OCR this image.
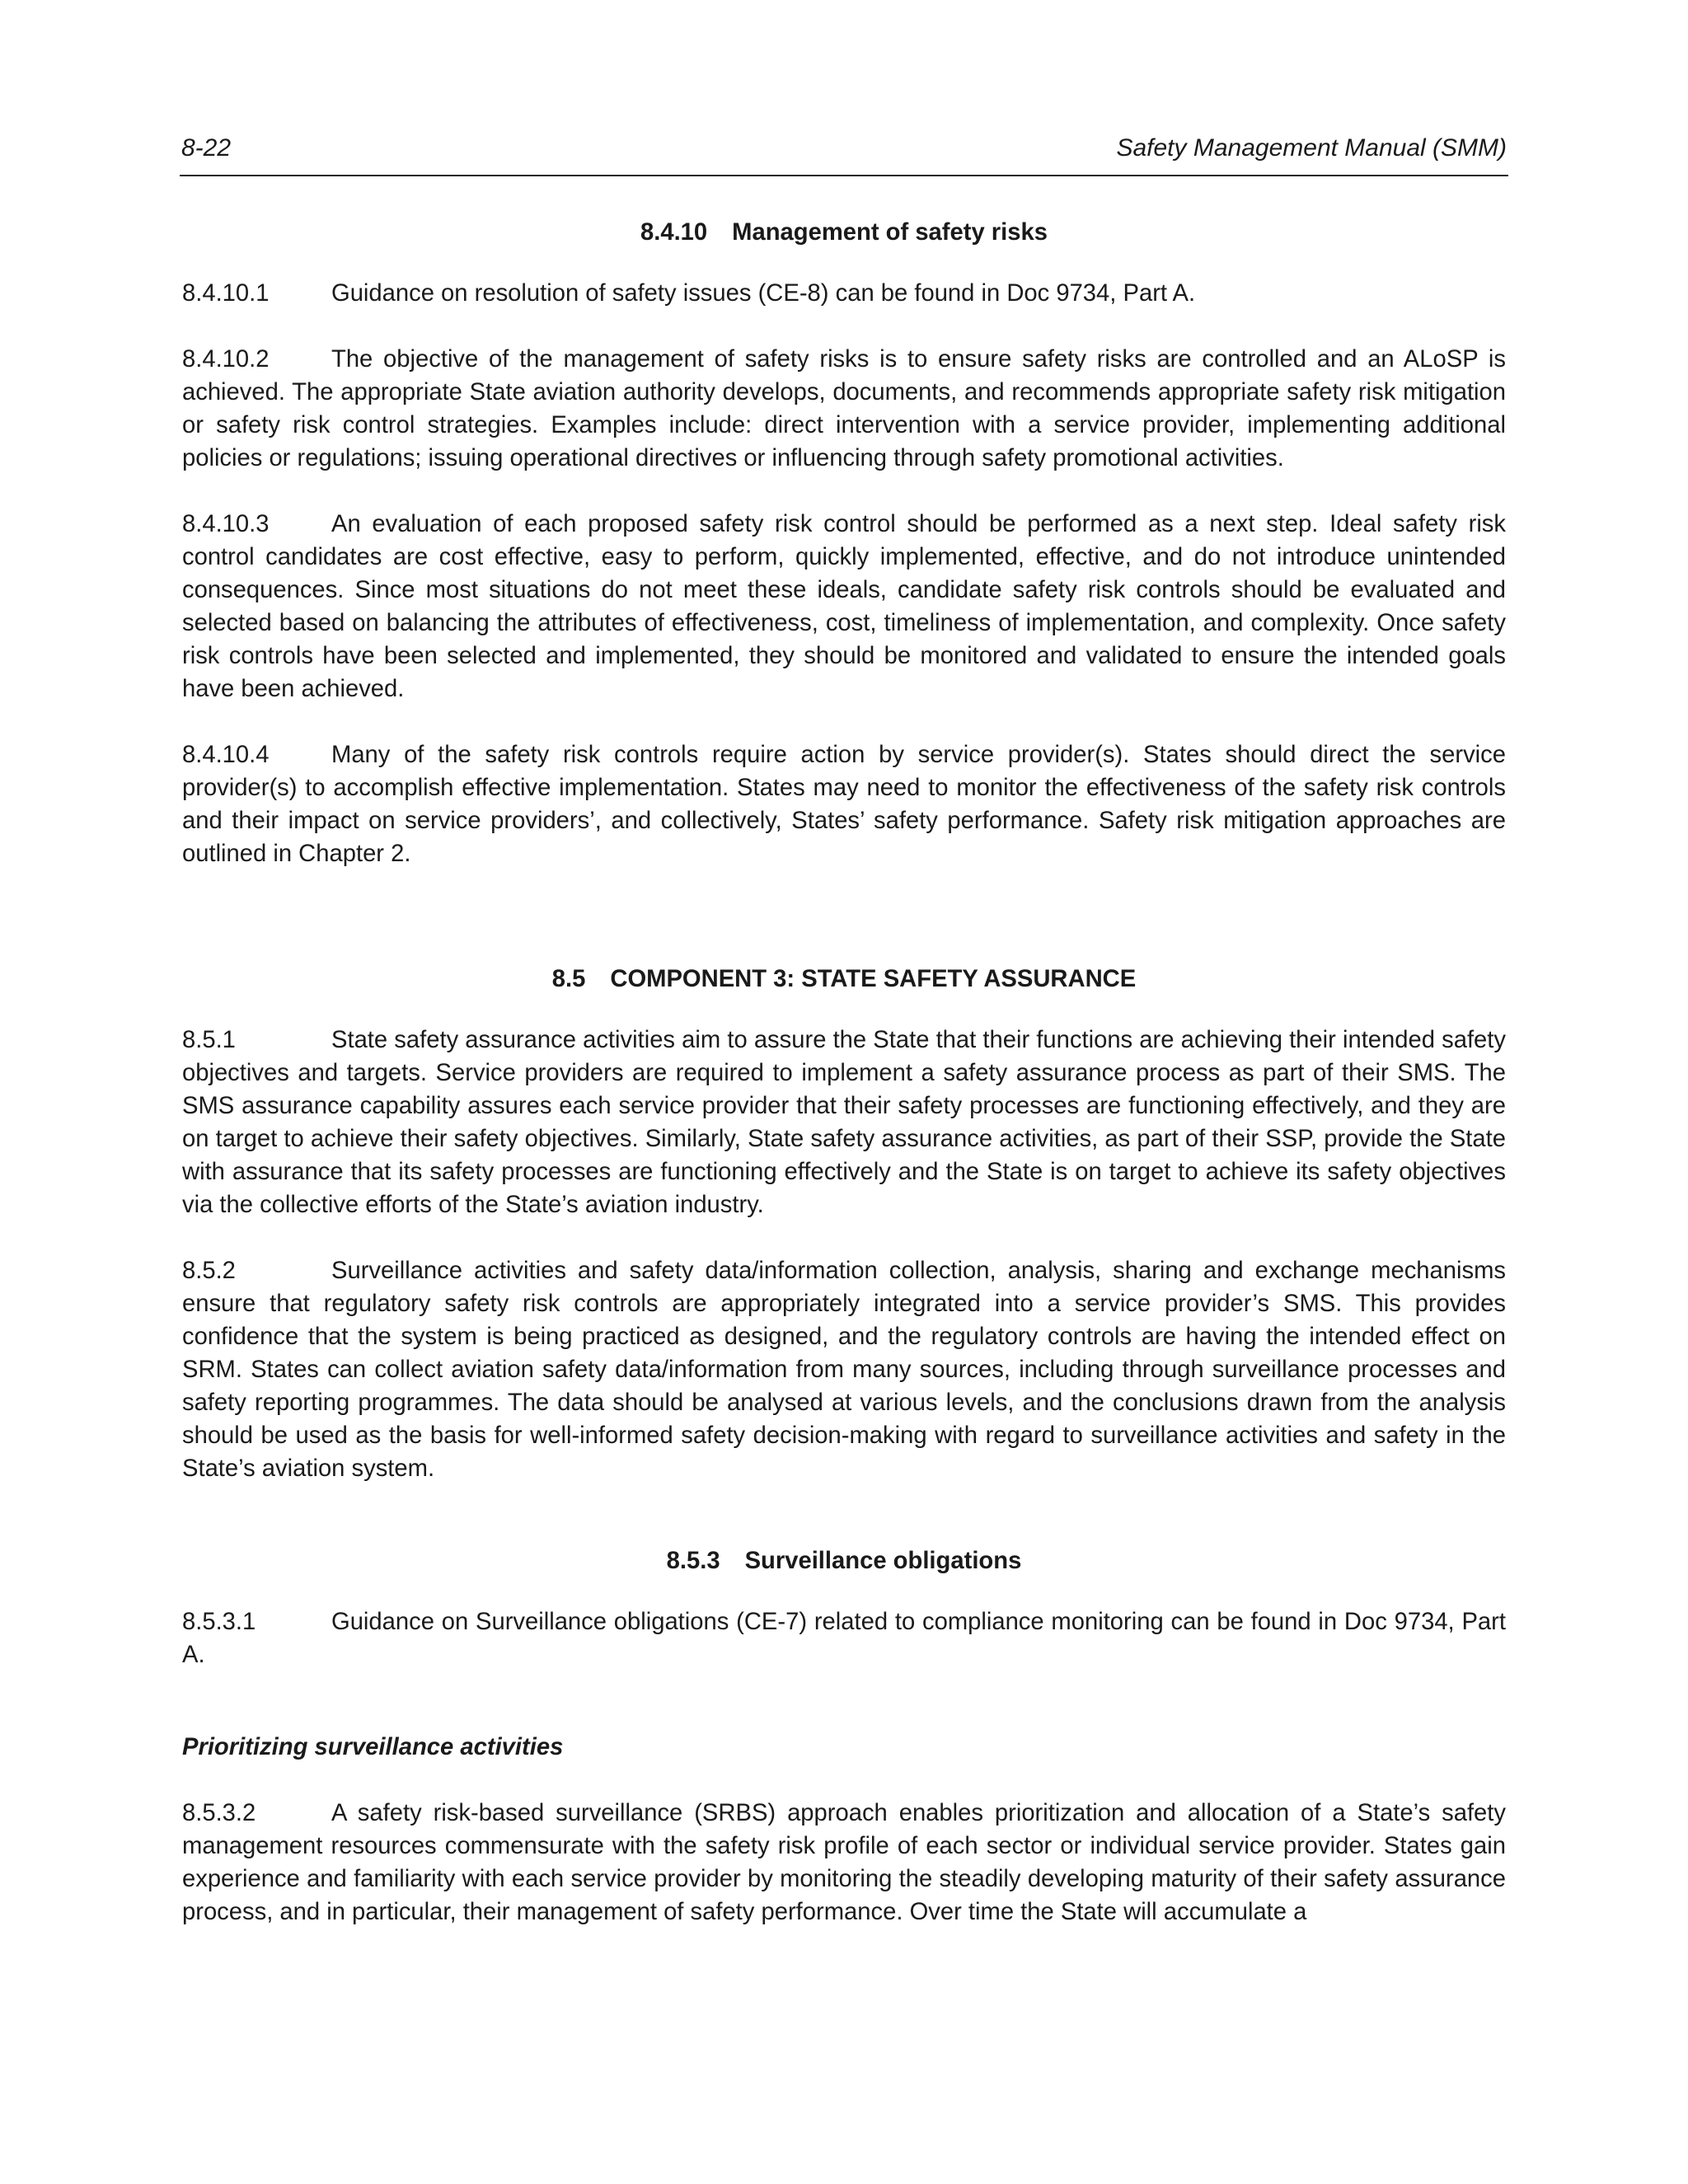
8-22	Safety Management Manual (SMM)

8.4.10 Management of safety risks

8.4.10.1	Guidance on resolution of safety issues (CE-8) can be found in Doc 9734, Part A.

8.4.10.2	The objective of the management of safety risks is to ensure safety risks are controlled and an ALoSP is achieved. The appropriate State aviation authority develops, documents, and recommends appropriate safety risk mitigation or safety risk control strategies. Examples include: direct intervention with a service provider, implementing additional policies or regulations; issuing operational directives or influencing through safety promotional activities.

8.4.10.3	An evaluation of each proposed safety risk control should be performed as a next step. Ideal safety risk control candidates are cost effective, easy to perform, quickly implemented, effective, and do not introduce unintended consequences. Since most situations do not meet these ideals, candidate safety risk controls should be evaluated and selected based on balancing the attributes of effectiveness, cost, timeliness of implementation, and complexity. Once safety risk controls have been selected and implemented, they should be monitored and validated to ensure the intended goals have been achieved.

8.4.10.4	Many of the safety risk controls require action by service provider(s). States should direct the service provider(s) to accomplish effective implementation. States may need to monitor the effectiveness of the safety risk controls and their impact on service providers’, and collectively, States’ safety performance. Safety risk mitigation approaches are outlined in Chapter 2.

8.5 COMPONENT 3: STATE SAFETY ASSURANCE

8.5.1	State safety assurance activities aim to assure the State that their functions are achieving their intended safety objectives and targets. Service providers are required to implement a safety assurance process as part of their SMS. The SMS assurance capability assures each service provider that their safety processes are functioning effectively, and they are on target to achieve their safety objectives. Similarly, State safety assurance activities, as part of their SSP, provide the State with assurance that its safety processes are functioning effectively and the State is on target to achieve its safety objectives via the collective efforts of the State’s aviation industry.

8.5.2	Surveillance activities and safety data/information collection, analysis, sharing and exchange mechanisms ensure that regulatory safety risk controls are appropriately integrated into a service provider’s SMS. This provides confidence that the system is being practiced as designed, and the regulatory controls are having the intended effect on SRM. States can collect aviation safety data/information from many sources, including through surveillance processes and safety reporting programmes. The data should be analysed at various levels, and the conclusions drawn from the analysis should be used as the basis for well-informed safety decision-making with regard to surveillance activities and safety in the State’s aviation system.

8.5.3 Surveillance obligations

8.5.3.1	Guidance on Surveillance obligations (CE-7) related to compliance monitoring can be found in Doc 9734, Part A.

Prioritizing surveillance activities

8.5.3.2	A safety risk-based surveillance (SRBS) approach enables prioritization and allocation of a State’s safety management resources commensurate with the safety risk profile of each sector or individual service provider. States gain experience and familiarity with each service provider by monitoring the steadily developing maturity of their safety assurance process, and in particular, their management of safety performance. Over time the State will accumulate a
